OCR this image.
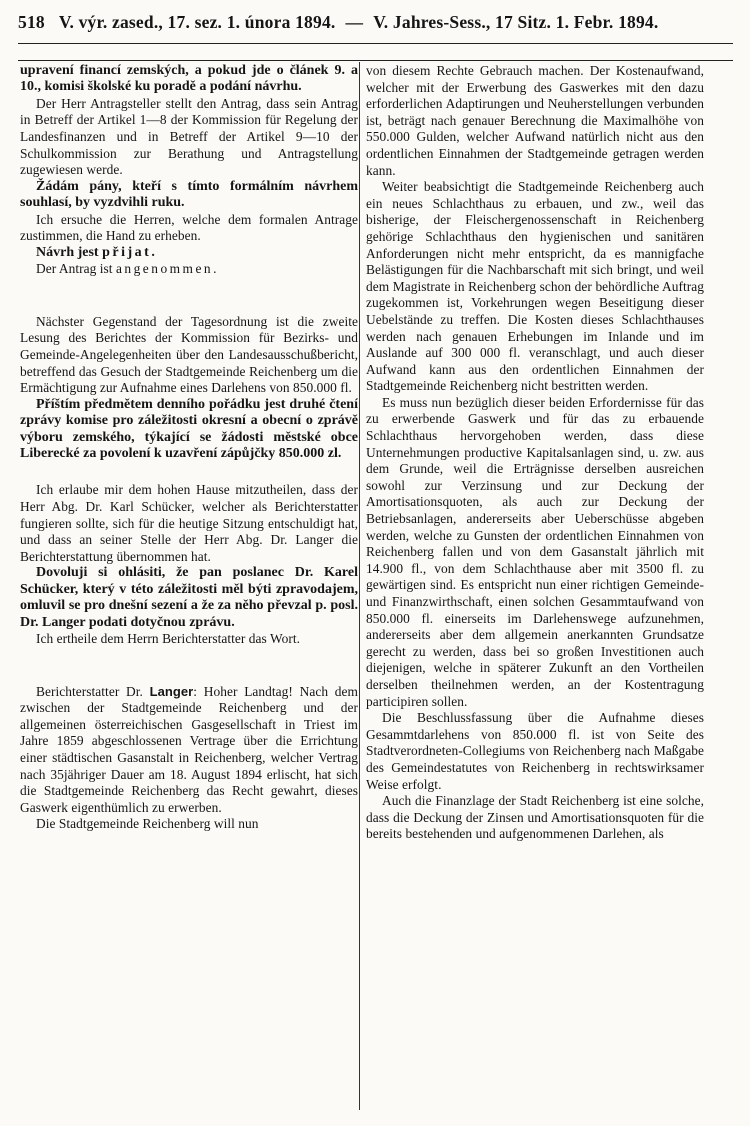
518 V. výr. zased., 17. sez. 1. února 1894. — V. Jahres-Sess., 17 Sitz. 1. Febr. 1894.

upravení financí zemských, a pokud jde o článek 9. a 10., komisi školské ku poradě a podání návrhu.

Der Herr Antragsteller stellt den Antrag, dass sein Antrag in Betreff der Artikel 1—8 der Kommission für Regelung der Landesfinanzen und in Betreff der Artikel 9—10 der Schulkommission zur Berathung und Antragstellung zugewiesen werde.

Žádám pány, kteří s tímto formálním návrhem souhlasí, by vyzdvihli ruku.

Ich ersuche die Herren, welche dem formalen Antrage zustimmen, die Hand zu erheben.

Návrh jest přijat.

Der Antrag ist angenommen.

Nächster Gegenstand der Tagesordnung ist die zweite Lesung des Berichtes der Kommission für Bezirks- und Gemeinde-Angelegenheiten über den Landesausschußbericht, betreffend das Gesuch der Stadtgemeinde Reichenberg um die Ermächtigung zur Aufnahme eines Darlehens von 850.000 fl.

Příštím předmětem denního pořádku jest druhé čtení zprávy komise pro záležitosti okresní a obecní o zprávě výboru zemského, týkající se žádosti městské obce Liberecké za povolení k uzavření zápůjčky 850.000 zl.

Ich erlaube mir dem hohen Hause mitzutheilen, dass der Herr Abg. Dr. Karl Schücker, welcher als Berichterstatter fungieren sollte, sich für die heutige Sitzung entschuldigt hat, und dass an seiner Stelle der Herr Abg. Dr. Langer die Berichterstattung übernommen hat.

Dovoluji si ohlásiti, že pan poslanec Dr. Karel Schücker, který v této záležitosti měl býti zpravodajem, omluvil se pro dnešní sezení a že za něho převzal p. posl. Dr. Langer podati dotyčnou zprávu.

Ich ertheile dem Herrn Berichterstatter das Wort.

Berichterstatter Dr. Langer: Hoher Landtag! Nach dem zwischen der Stadtgemeinde Reichenberg und der allgemeinen österreichischen Gasgesellschaft in Triest im Jahre 1859 abgeschlossenen Vertrage über die Errichtung einer städtischen Gasanstalt in Reichenberg, welcher Vertrag nach 35jähriger Dauer am 18. August 1894 erlischt, hat sich die Stadtgemeinde Reichenberg das Recht gewahrt, dieses Gaswerk eigenthümlich zu erwerben.

Die Stadtgemeinde Reichenberg will nun

von diesem Rechte Gebrauch machen. Der Kostenaufwand, welcher mit der Erwerbung des Gaswerkes mit den dazu erforderlichen Adaptirungen und Neuherstellungen verbunden ist, beträgt nach genauer Berechnung die Maximalhöhe von 550.000 Gulden, welcher Aufwand natürlich nicht aus den ordentlichen Einnahmen der Stadtgemeinde getragen werden kann.

Weiter beabsichtigt die Stadtgemeinde Reichenberg auch ein neues Schlachthaus zu erbauen, und zw., weil das bisherige, der Fleischergenossenschaft in Reichenberg gehörige Schlachthaus den hygienischen und sanitären Anforderungen nicht mehr entspricht, da es mannigfache Belästigungen für die Nachbarschaft mit sich bringt, und weil dem Magistrate in Reichenberg schon der behördliche Auftrag zugekommen ist, Vorkehrungen wegen Beseitigung dieser Uebelstände zu treffen. Die Kosten dieses Schlachthauses werden nach genauen Erhebungen im Inlande und im Auslande auf 300 000 fl. veranschlagt, und auch dieser Aufwand kann aus den ordentlichen Einnahmen der Stadtgemeinde Reichenberg nicht bestritten werden.

Es muss nun bezüglich dieser beiden Erfordernisse für das zu erwerbende Gaswerk und für das zu erbauende Schlachthaus hervorgehoben werden, dass diese Unternehmungen productive Kapitalsanlagen sind, u. zw. aus dem Grunde, weil die Erträgnisse derselben ausreichen sowohl zur Verzinsung und zur Deckung der Amortisationsquoten, als auch zur Deckung der Betriebsanlagen, andererseits aber Ueberschüsse abgeben werden, welche zu Gunsten der ordentlichen Einnahmen von Reichenberg fallen und von dem Gasanstalt jährlich mit 14.900 fl., von dem Schlachthause aber mit 3500 fl. zu gewärtigen sind. Es entspricht nun einer richtigen Gemeinde- und Finanzwirthschaft, einen solchen Gesammtaufwand von 850.000 fl. einerseits im Darlehenswege aufzunehmen, andererseits aber dem allgemein anerkannten Grundsatze gerecht zu werden, dass bei so großen Investitionen auch diejenigen, welche in späterer Zukunft an den Vortheilen derselben theilnehmen werden, an der Kostentragung participiren sollen.

Die Beschlussfassung über die Aufnahme dieses Gesammtdarlehens von 850.000 fl. ist von Seite des Stadtverordneten-Collegiums von Reichenberg nach Maßgabe des Gemeindestatutes von Reichenberg in rechtswirksamer Weise erfolgt.

Auch die Finanzlage der Stadt Reichenberg ist eine solche, dass die Deckung der Zinsen und Amortisationsquoten für die bereits bestehenden und aufgenommenen Darlehen, als
